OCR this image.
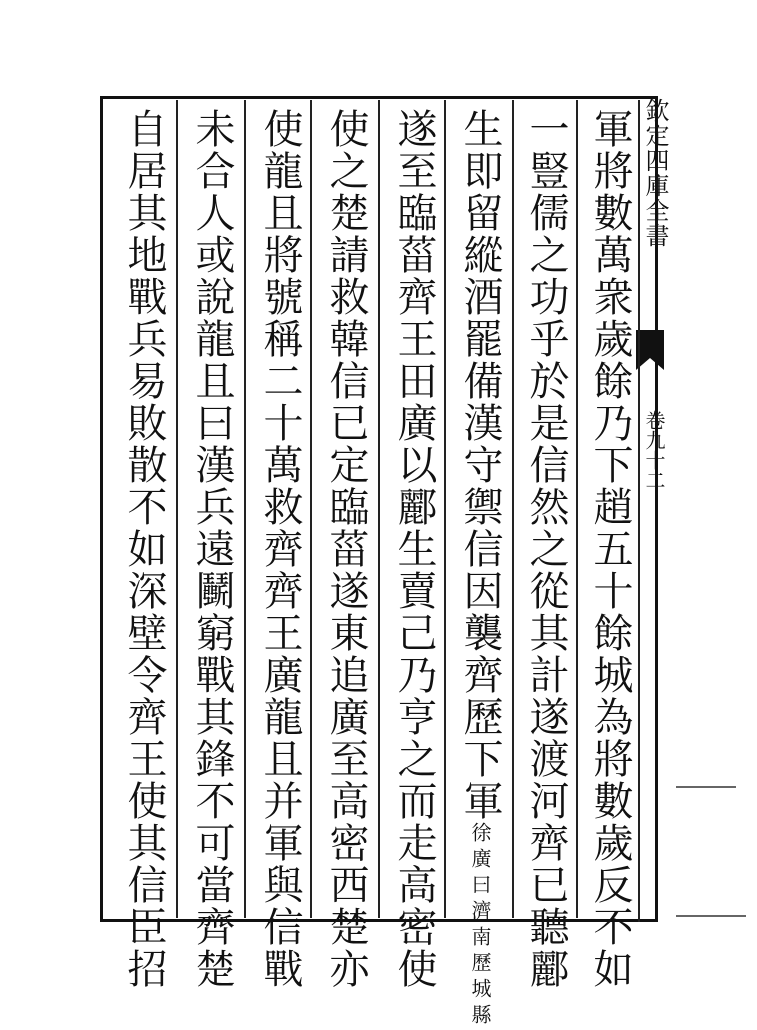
欽定四庫全書
卷九十二
軍將數萬衆歲餘乃下趙五十餘城為將數歲反不如
一豎儒之功乎於是信然之從其計遂渡河齊已聽酈
生即留縱酒罷備漢守禦信因襲齊歷下軍徐廣曰濟南歷城縣
遂至臨菑齊王田廣以酈生賣己乃亨之而走高密使
使之楚請救韓信已定臨菑遂東追廣至高密西楚亦
使龍且將號稱二十萬救齊齊王廣龍且并軍與信戰
未合人或說龍且曰漢兵遠鬭窮戰其鋒不可當齊楚
自居其地戰兵易敗散不如深壁令齊王使其信臣招
